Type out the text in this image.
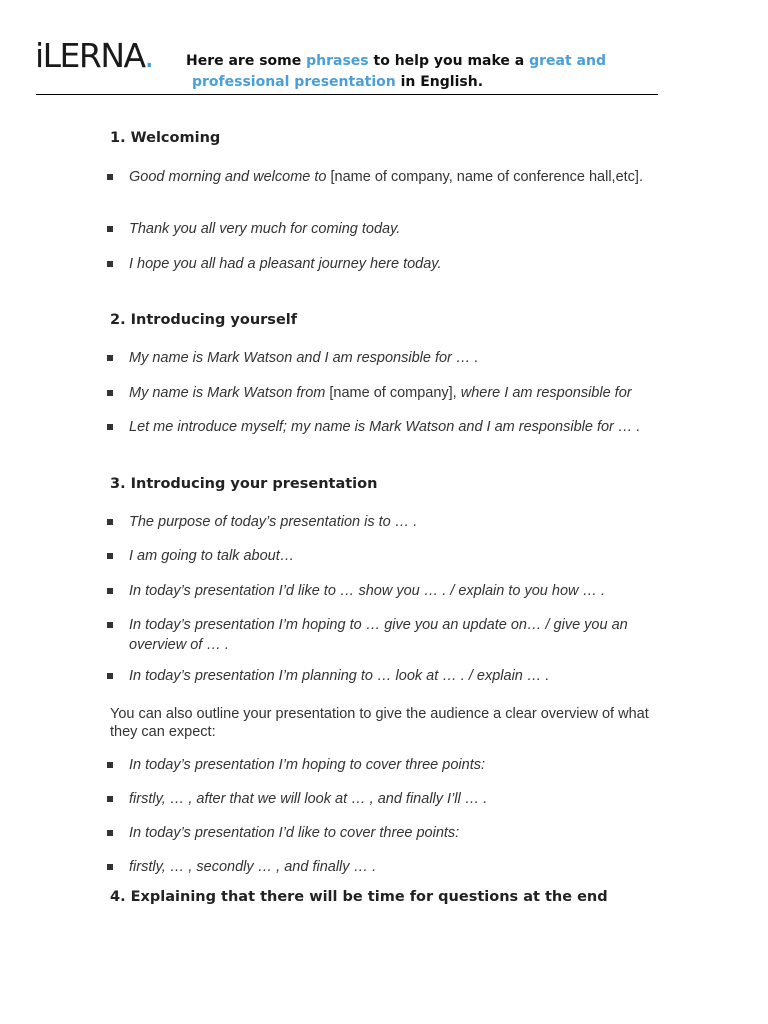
iLERNA. Here are some phrases to help you make a great and
professional presentation in English.
1. Welcoming
Good morning and welcome to [name of company, name of conference hall,etc].
Thank you all very much for coming today.
I hope you all had a pleasant journey here today.
2. Introducing yourself
My name is Mark Watson and I am responsible for … .
My name is Mark Watson from [name of company], where I am responsible for
Let me introduce myself; my name is Mark Watson and I am responsible for … .
3. Introducing your presentation
The purpose of today’s presentation is to … .
I am going to talk about…
In today’s presentation I’d like to … show you … . / explain to you how … .
In today’s presentation I’m hoping to … give you an update on… / give you an overview of … .
In today’s presentation I’m planning to … look at … . / explain … .
You can also outline your presentation to give the audience a clear overview of what they can expect:
In today’s presentation I’m hoping to cover three points:
firstly, … , after that we will look at … , and finally I’ll … .
In today’s presentation I’d like to cover three points:
firstly, … , secondly … , and finally … .
4. Explaining that there will be time for questions at the end
